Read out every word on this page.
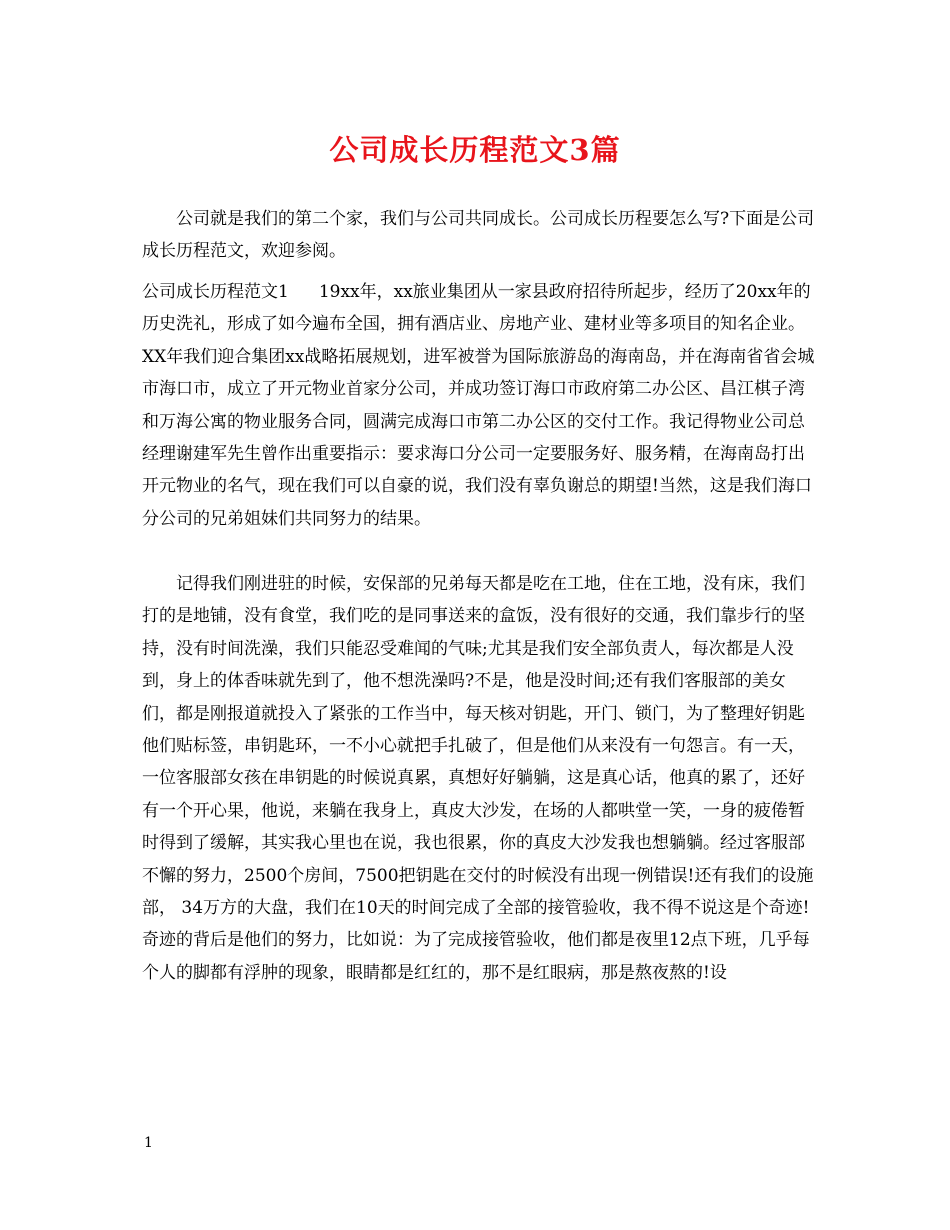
公司成长历程范文3篇

公司就是我们的第二个家，我们与公司共同成长。公司成长历程要怎么写?下面是公司成长历程范文，欢迎参阅。

公司成长历程范文1 19xx年，xx旅业集团从一家县政府招待所起步，经历了20xx年的历史洗礼，形成了如今遍布全国，拥有酒店业、房地产业、建材业等多项目的知名企业。XX年我们迎合集团xx战略拓展规划，进军被誉为国际旅游岛的海南岛，并在海南省省会城市海口市，成立了开元物业首家分公司，并成功签订海口市政府第二办公区、昌江棋子湾和万海公寓的物业服务合同，圆满完成海口市第二办公区的交付工作。我记得物业公司总经理谢建军先生曾作出重要指示：要求海口分公司一定要服务好、服务精，在海南岛打出开元物业的名气，现在我们可以自豪的说，我们没有辜负谢总的期望!当然，这是我们海口分公司的兄弟姐妹们共同努力的结果。

记得我们刚进驻的时候，安保部的兄弟每天都是吃在工地，住在工地，没有床，我们打的是地铺，没有食堂，我们吃的是同事送来的盒饭，没有很好的交通，我们靠步行的坚持，没有时间洗澡，我们只能忍受难闻的气味;尤其是我们安全部负责人，每次都是人没到，身上的体香味就先到了，他不想洗澡吗?不是，他是没时间;还有我们客服部的美女们，都是刚报道就投入了紧张的工作当中，每天核对钥匙，开门、锁门，为了整理好钥匙他们贴标签，串钥匙环，一不小心就把手扎破了，但是他们从来没有一句怨言。有一天，一位客服部女孩在串钥匙的时候说真累，真想好好躺躺，这是真心话，他真的累了，还好有一个开心果，他说，来躺在我身上，真皮大沙发，在场的人都哄堂一笑，一身的疲倦暂时得到了缓解，其实我心里也在说，我也很累，你的真皮大沙发我也想躺躺。经过客服部不懈的努力，2500个房间，7500把钥匙在交付的时候没有出现一例错误!还有我们的设施部， 34万方的大盘，我们在10天的时间完成了全部的接管验收，我不得不说这是个奇迹!奇迹的背后是他们的努力，比如说：为了完成接管验收，他们都是夜里12点下班，几乎每个人的脚都有浮肿的现象，眼睛都是红红的，那不是红眼病，那是熬夜熬的!设

1
